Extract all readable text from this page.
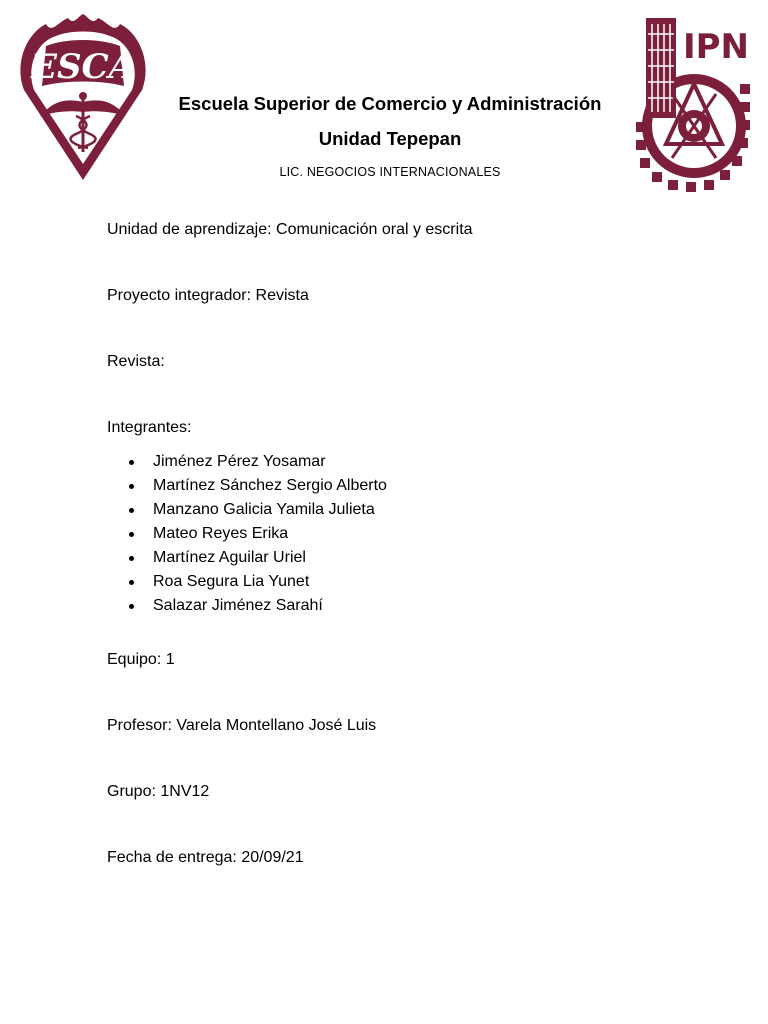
ESCA	IPN
Escuela Superior de Comercio y Administración
Unidad Tepepan
LIC. NEGOCIOS INTERNACIONALES
Unidad de aprendizaje: Comunicación oral y escrita
Proyecto integrador: Revista
Revista:
Integrantes:
Jiménez Pérez Yosamar
Martínez Sánchez Sergio Alberto
Manzano Galicia Yamila Julieta
Mateo Reyes Erika
Martínez Aguilar Uriel
Roa Segura Lia Yunet
Salazar Jiménez Sarahí
Equipo: 1
Profesor: Varela Montellano José Luis
Grupo: 1NV12
Fecha de entrega: 20/09/21
